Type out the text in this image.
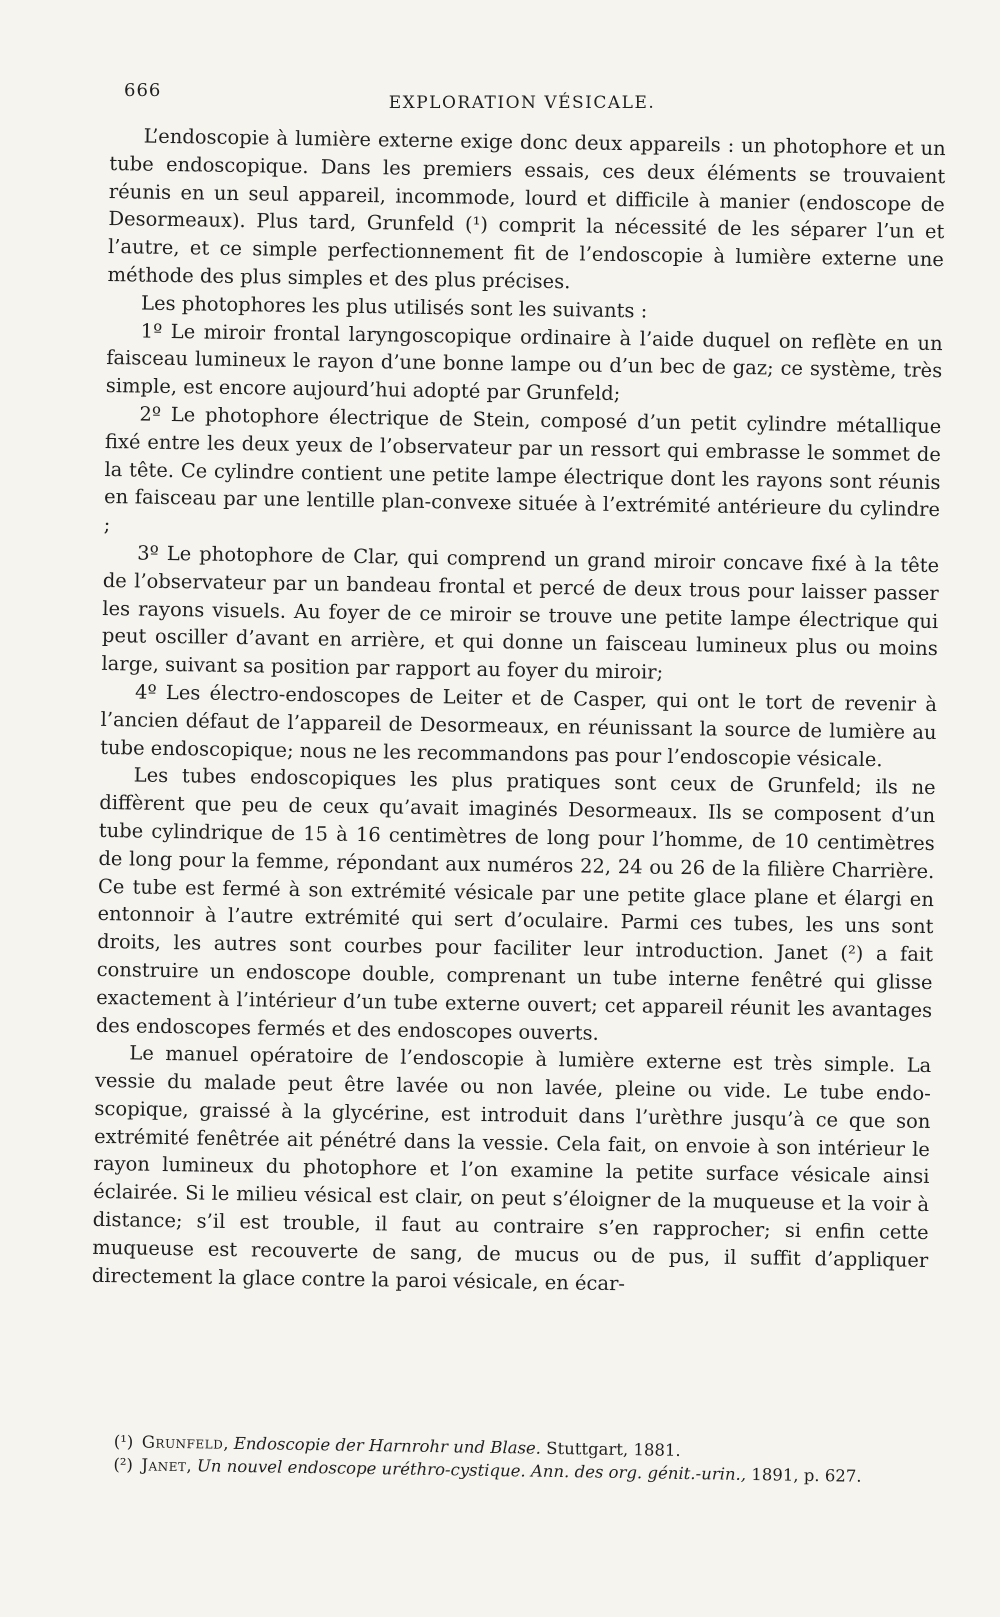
666
EXPLORATION VÉSICALE.

L’endoscopie à lumière externe exige donc deux appareils : un photophore et un tube endoscopique. Dans les premiers essais, ces deux éléments se trouvaient réunis en un seul appareil, incommode, lourd et difficile à manier (endoscope de Desormeaux). Plus tard, Grunfeld (¹) comprit la nécessité de les séparer l’un et l’autre, et ce simple perfectionnement fit de l’endoscopie à lumière externe une méthode des plus simples et des plus précises.

Les photophores les plus utilisés sont les suivants :

1º Le miroir frontal laryngoscopique ordinaire à l’aide duquel on reflète en un faisceau lumineux le rayon d’une bonne lampe ou d’un bec de gaz; ce système, très simple, est encore aujourd’hui adopté par Grunfeld;

2º Le photophore électrique de Stein, composé d’un petit cylindre métallique fixé entre les deux yeux de l’observateur par un ressort qui embrasse le sommet de la tête. Ce cylindre contient une petite lampe électrique dont les rayons sont réunis en faisceau par une lentille plan-convexe située à l’extrémité antérieure du cylindre ;

3º Le photophore de Clar, qui comprend un grand miroir concave fixé à la tête de l’observateur par un bandeau frontal et percé de deux trous pour laisser passer les rayons visuels. Au foyer de ce miroir se trouve une petite lampe électrique qui peut osciller d’avant en arrière, et qui donne un faisceau lumineux plus ou moins large, suivant sa position par rapport au foyer du miroir;

4º Les électro-endoscopes de Leiter et de Casper, qui ont le tort de revenir à l’ancien défaut de l’appareil de Desormeaux, en réunissant la source de lumière au tube endoscopique; nous ne les recommandons pas pour l’endoscopie vésicale.

Les tubes endoscopiques les plus pratiques sont ceux de Grunfeld; ils ne diffèrent que peu de ceux qu’avait imaginés Desormeaux. Ils se composent d’un tube cylindrique de 15 à 16 centimètres de long pour l’homme, de 10 centimètres de long pour la femme, répondant aux numéros 22, 24 ou 26 de la filière Charrière. Ce tube est fermé à son extrémité vésicale par une petite glace plane et élargi en entonnoir à l’autre extrémité qui sert d’oculaire. Parmi ces tubes, les uns sont droits, les autres sont courbes pour faciliter leur introduction. Janet (²) a fait construire un endoscope double, comprenant un tube interne fenêtré qui glisse exactement à l’intérieur d’un tube externe ouvert; cet appareil réunit les avantages des endoscopes fermés et des endoscopes ouverts.

Le manuel opératoire de l’endoscopie à lumière externe est très simple. La vessie du malade peut être lavée ou non lavée, pleine ou vide. Le tube endoscopique, graissé à la glycérine, est introduit dans l’urèthre jusqu’à ce que son extrémité fenêtrée ait pénétré dans la vessie. Cela fait, on envoie à son intérieur le rayon lumineux du photophore et l’on examine la petite surface vésicale ainsi éclairée. Si le milieu vésical est clair, on peut s’éloigner de la muqueuse et la voir à distance; s’il est trouble, il faut au contraire s’en rapprocher; si enfin cette muqueuse est recouverte de sang, de mucus ou de pus, il suffit d’appliquer directement la glace contre la paroi vésicale, en écar-

(¹) Grunfeld, Endoscopie der Harnrohr und Blase. Stuttgart, 1881.
(²) Janet, Un nouvel endoscope uréthro-cystique. Ann. des org. génit.-urin., 1891, p. 627.
